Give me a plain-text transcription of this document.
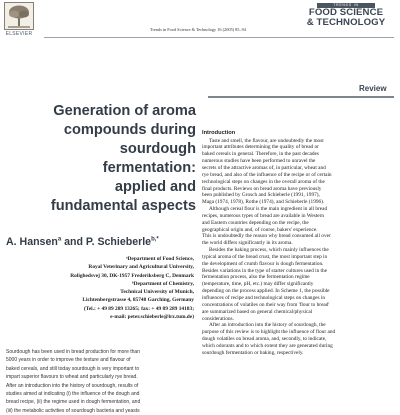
ELSEVIER
Trends in Food Science & Technology 16 (2005) 85–94
TRENDS IN
FOOD SCIENCE
& TECHNOLOGY
Review
Generation of aroma
compounds during
sourdough
fermentation:
applied and
fundamental aspects
A. Hansen$^a$ and P. Schieberle$^{b,*}$
ᵃDepartment of Food Science,
Royal Veterinary and Agricultural University,
Rolighedsvej 30, DK-1957 Frederiksberg C, Denmark
ᵇDepartment of Chemistry,
Technical University of Munich,
Lichtenbergstrasse 4, 85748 Garching, Germany
(Tel.: + 49 89 289 13265; fax: + 49 89 289 14183;
e-mail: peter.schieberle@lrz.tum.de)
Sourdough has been used in bread production for more than
5000 years in order to improve the texture and flavour of
baked cereals, and still today sourdough is very important to
impart superior flavours to wheat and particularly rye bread.
After an introduction into the history of sourdough, results of
studies aimed at indicating (i) the influence of the dough and
bread recipe, (ii) the regime used in dough fermentation, and
(iii) the metabolic activities of sourdough bacteria and yeasts
Introduction
Taste and smell, the flavour, are undoubtedly the most
important attributes determining the quality of bread or
baked cereals in general. Therefore, in the past decades
numerous studies have been performed to unravel the
secrets of the attractive aromas of, in particular, wheat and
rye bread, and also of the influence of the recipe or of certain
technological steps on changes in the overall aroma of the
final products. Reviews on bread aroma have previously
been published by Grosch and Schieberle (1991, 1997),
Maga (1974, 1978), Rothe (1974), and Schieberle (1996).
Although cereal flour is the main ingredient in all bread
recipes, numerous types of bread are available in Western
and Eastern countries depending on the recipe, the
geographical origin and, of course, bakers' experience.
This is undoubtedly the reason why bread consumed all over
the world differs significantly in its aroma.
Besides the baking process, which mainly influences the
typical aroma of the bread crust, the most important step in
the development of crumb flavour is dough fermentation.
Besides variations in the type of starter cultures used in the
fermentation process, also the fermentation regime
(temperature, time, pH, etc.) may differ significantly
depending on the process applied. In Scheme 1, the possible
influences of recipe and technological steps on changes in
concentrations of volatiles on their way from 'flour to bread'
are summarized based on general chemical/physical
considerations.
After an introduction into the history of sourdough, the
purpose of this review is to highlight the influence of flour and
dough volatiles on bread aroma, and, secondly, to indicate,
which odorants and to which extent they are generated during
sourdough fermentation or baking, respectively.
